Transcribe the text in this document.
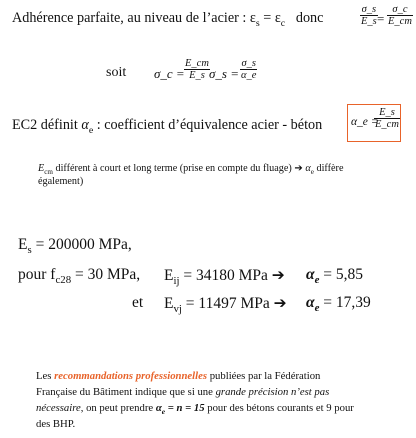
Adhérence parfaite, au niveau de l’acier : $\varepsilon_s = \varepsilon_c$ donc
σ_s
E_s =
σ_c
E_cm
soit σ_c =
E_cm
E_s σ_s =
σ_s
α_e
EC2 définit $\alpha_e$ : coefficient d’équivalence acier - béton	α_e =
E_s
E_cm
$E_{cm}$ différent à court et long terme (prise en compte du fluage) ➔ $\alpha_e$ diffère
également)
$E_s = 200000$ MPa,
pour $f_{c28} = 30$ MPa, $E_{ij} = 34180$ MPa ➔ $\alpha_e = 5,85$
et $E_{vj} = 11497$ MPa ➔ $\alpha_e = 17,39$
Les recommandations professionnelles publiées par la Fédération
Française du Bâtiment indique que si une grande précision n’est pas
nécessaire, on peut prendre $\alpha_e = n = 15$ pour des bétons courants et 9 pour
des BHP.
